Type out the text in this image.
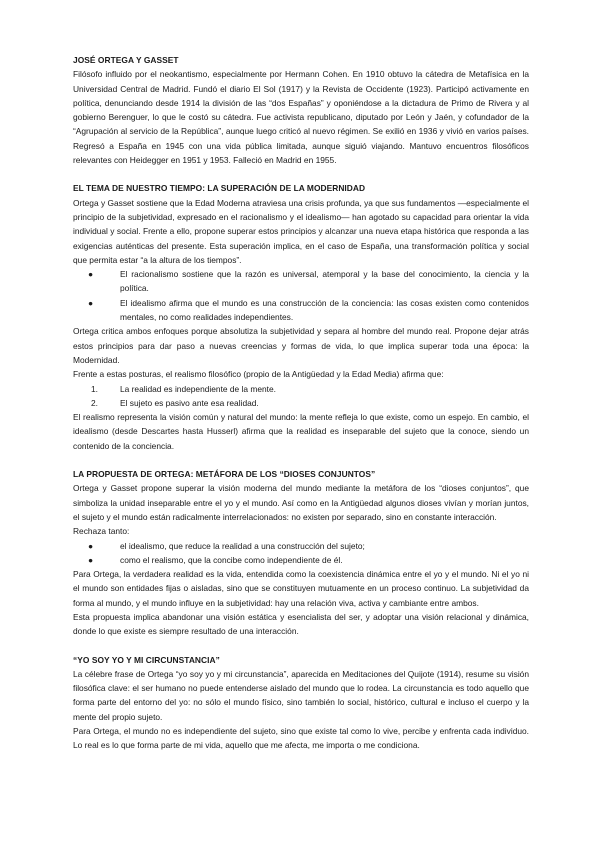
JOSÉ ORTEGA Y GASSET

Filósofo influido por el neokantismo, especialmente por Hermann Cohen. En 1910 obtuvo la cátedra de Metafísica en la Universidad Central de Madrid. Fundó el diario El Sol (1917) y la Revista de Occidente (1923). Participó activamente en política, denunciando desde 1914 la división de las “dos Españas” y oponiéndose a la dictadura de Primo de Rivera y al gobierno Berenguer, lo que le costó su cátedra. Fue activista republicano, diputado por León y Jaén, y cofundador de la “Agrupación al servicio de la República”, aunque luego criticó al nuevo régimen. Se exilió en 1936 y vivió en varios países. Regresó a España en 1945 con una vida pública limitada, aunque siguió viajando. Mantuvo encuentros filosóficos relevantes con Heidegger en 1951 y 1953. Falleció en Madrid en 1955.

EL TEMA DE NUESTRO TIEMPO: LA SUPERACIÓN DE LA MODERNIDAD

Ortega y Gasset sostiene que la Edad Moderna atraviesa una crisis profunda, ya que sus fundamentos —especialmente el principio de la subjetividad, expresado en el racionalismo y el idealismo— han agotado su capacidad para orientar la vida individual y social. Frente a ello, propone superar estos principios y alcanzar una nueva etapa histórica que responda a las exigencias auténticas del presente. Esta superación implica, en el caso de España, una transformación política y social que permita estar “a la altura de los tiempos”.

●	El racionalismo sostiene que la razón es universal, atemporal y la base del conocimiento, la ciencia y la política.
●	El idealismo afirma que el mundo es una construcción de la conciencia: las cosas existen como contenidos mentales, no como realidades independientes.

Ortega critica ambos enfoques porque absolutiza la subjetividad y separa al hombre del mundo real. Propone dejar atrás estos principios para dar paso a nuevas creencias y formas de vida, lo que implica superar toda una época: la Modernidad.

Frente a estas posturas, el realismo filosófico (propio de la Antigüedad y la Edad Media) afirma que:

1.	La realidad es independiente de la mente.
2.	El sujeto es pasivo ante esa realidad.

El realismo representa la visión común y natural del mundo: la mente refleja lo que existe, como un espejo. En cambio, el idealismo (desde Descartes hasta Husserl) afirma que la realidad es inseparable del sujeto que la conoce, siendo un contenido de la conciencia.

LA PROPUESTA DE ORTEGA: METÁFORA DE LOS “DIOSES CONJUNTOS”

Ortega y Gasset propone superar la visión moderna del mundo mediante la metáfora de los “dioses conjuntos”, que simboliza la unidad inseparable entre el yo y el mundo. Así como en la Antigüedad algunos dioses vivían y morían juntos, el sujeto y el mundo están radicalmente interrelacionados: no existen por separado, sino en constante interacción.

Rechaza tanto:

●	el idealismo, que reduce la realidad a una construcción del sujeto;
●	como el realismo, que la concibe como independiente de él.

Para Ortega, la verdadera realidad es la vida, entendida como la coexistencia dinámica entre el yo y el mundo. Ni el yo ni el mundo son entidades fijas o aisladas, sino que se constituyen mutuamente en un proceso continuo. La subjetividad da forma al mundo, y el mundo influye en la subjetividad: hay una relación viva, activa y cambiante entre ambos.

Esta propuesta implica abandonar una visión estática y esencialista del ser, y adoptar una visión relacional y dinámica, donde lo que existe es siempre resultado de una interacción.

“YO SOY YO Y MI CIRCUNSTANCIA”

La célebre frase de Ortega “yo soy yo y mi circunstancia”, aparecida en Meditaciones del Quijote (1914), resume su visión filosófica clave: el ser humano no puede entenderse aislado del mundo que lo rodea. La circunstancia es todo aquello que forma parte del entorno del yo: no sólo el mundo físico, sino también lo social, histórico, cultural e incluso el cuerpo y la mente del propio sujeto.

Para Ortega, el mundo no es independiente del sujeto, sino que existe tal como lo vive, percibe y enfrenta cada individuo. Lo real es lo que forma parte de mi vida, aquello que me afecta, me importa o me condiciona.
